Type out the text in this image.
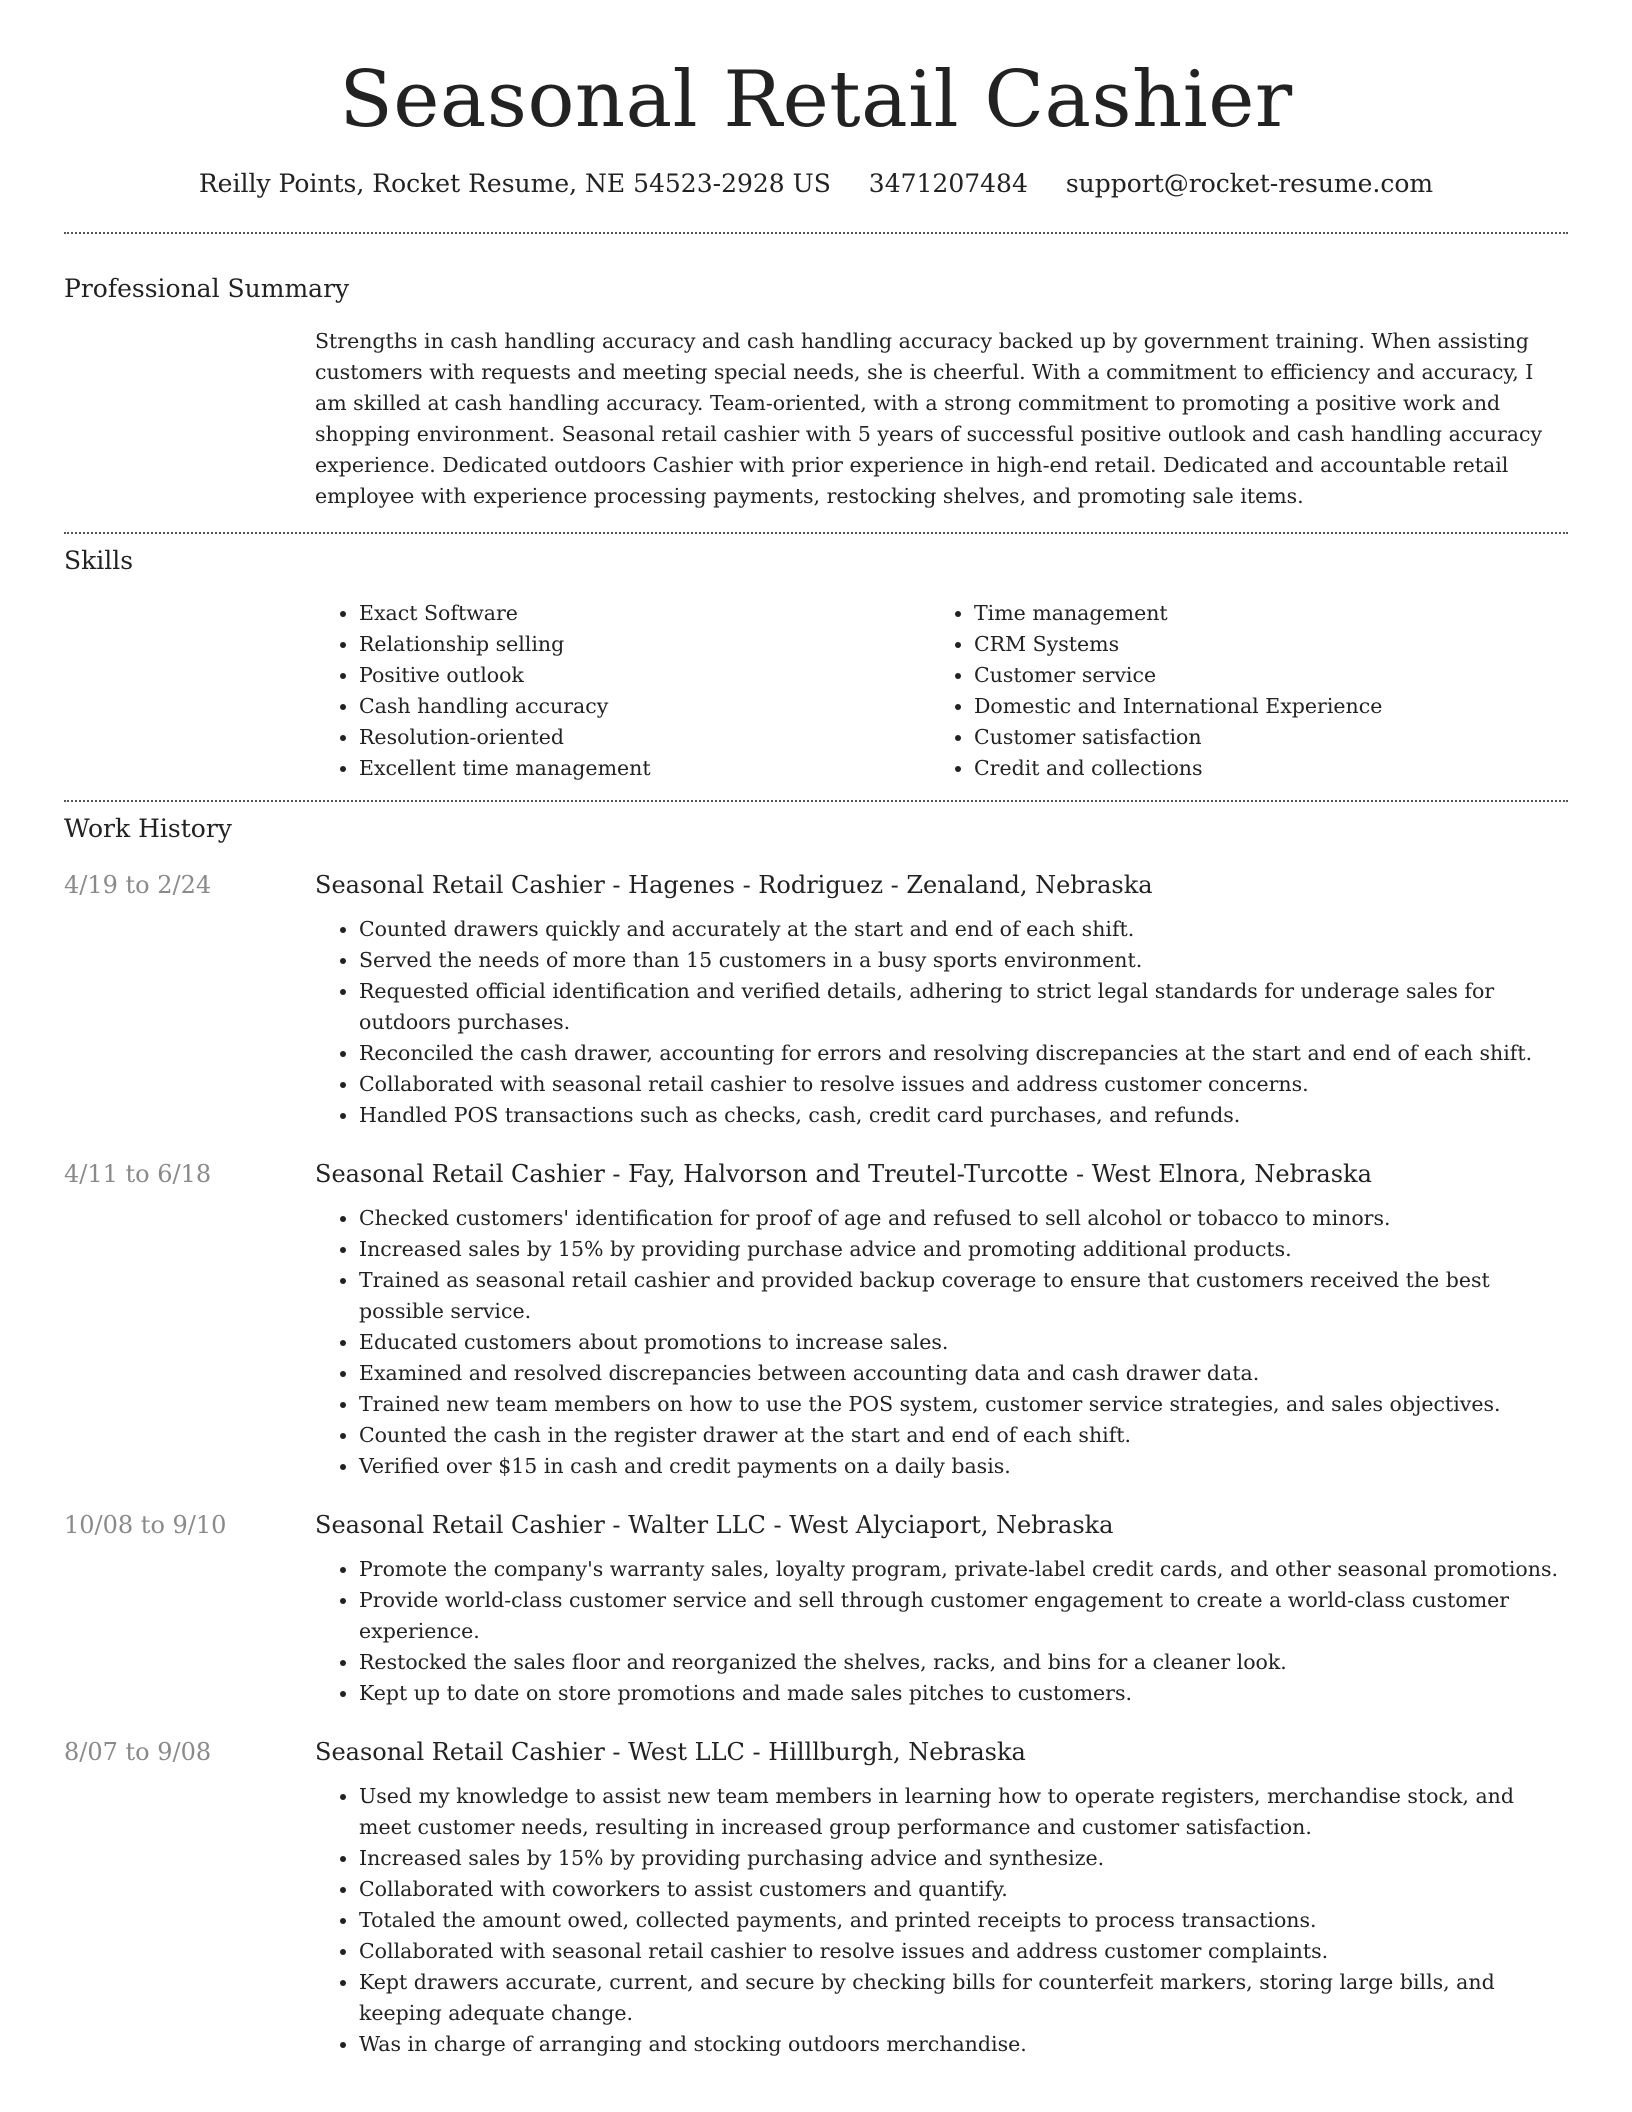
Seasonal Retail Cashier
Reilly Points, Rocket Resume, NE 54523-2928 US 3471207484 support@rocket-resume.com
Professional Summary
Strengths in cash handling accuracy and cash handling accuracy backed up by government training. When assisting customers with requests and meeting special needs, she is cheerful. With a commitment to efficiency and accuracy, I am skilled at cash handling accuracy. Team-oriented, with a strong commitment to promoting a positive work and shopping environment. Seasonal retail cashier with 5 years of successful positive outlook and cash handling accuracy experience. Dedicated outdoors Cashier with prior experience in high-end retail. Dedicated and accountable retail employee with experience processing payments, restocking shelves, and promoting sale items.
Skills
• Exact Software
• Relationship selling
• Positive outlook
• Cash handling accuracy
• Resolution-oriented
• Excellent time management
• Time management
• CRM Systems
• Customer service
• Domestic and International Experience
• Customer satisfaction
• Credit and collections
Work History
4/19 to 2/24	Seasonal Retail Cashier - Hagenes - Rodriguez - Zenaland, Nebraska
• Counted drawers quickly and accurately at the start and end of each shift.
• Served the needs of more than 15 customers in a busy sports environment.
• Requested official identification and verified details, adhering to strict legal standards for underage sales for outdoors purchases.
• Reconciled the cash drawer, accounting for errors and resolving discrepancies at the start and end of each shift.
• Collaborated with seasonal retail cashier to resolve issues and address customer concerns.
• Handled POS transactions such as checks, cash, credit card purchases, and refunds.
4/11 to 6/18	Seasonal Retail Cashier - Fay, Halvorson and Treutel-Turcotte - West Elnora, Nebraska
• Checked customers' identification for proof of age and refused to sell alcohol or tobacco to minors.
• Increased sales by 15% by providing purchase advice and promoting additional products.
• Trained as seasonal retail cashier and provided backup coverage to ensure that customers received the best possible service.
• Educated customers about promotions to increase sales.
• Examined and resolved discrepancies between accounting data and cash drawer data.
• Trained new team members on how to use the POS system, customer service strategies, and sales objectives.
• Counted the cash in the register drawer at the start and end of each shift.
• Verified over $15 in cash and credit payments on a daily basis.
10/08 to 9/10	Seasonal Retail Cashier - Walter LLC - West Alyciaport, Nebraska
• Promote the company's warranty sales, loyalty program, private-label credit cards, and other seasonal promotions.
• Provide world-class customer service and sell through customer engagement to create a world-class customer experience.
• Restocked the sales floor and reorganized the shelves, racks, and bins for a cleaner look.
• Kept up to date on store promotions and made sales pitches to customers.
8/07 to 9/08	Seasonal Retail Cashier - West LLC - Hilllburgh, Nebraska
• Used my knowledge to assist new team members in learning how to operate registers, merchandise stock, and meet customer needs, resulting in increased group performance and customer satisfaction.
• Increased sales by 15% by providing purchasing advice and synthesize.
• Collaborated with coworkers to assist customers and quantify.
• Totaled the amount owed, collected payments, and printed receipts to process transactions.
• Collaborated with seasonal retail cashier to resolve issues and address customer complaints.
• Kept drawers accurate, current, and secure by checking bills for counterfeit markers, storing large bills, and keeping adequate change.
• Was in charge of arranging and stocking outdoors merchandise.
